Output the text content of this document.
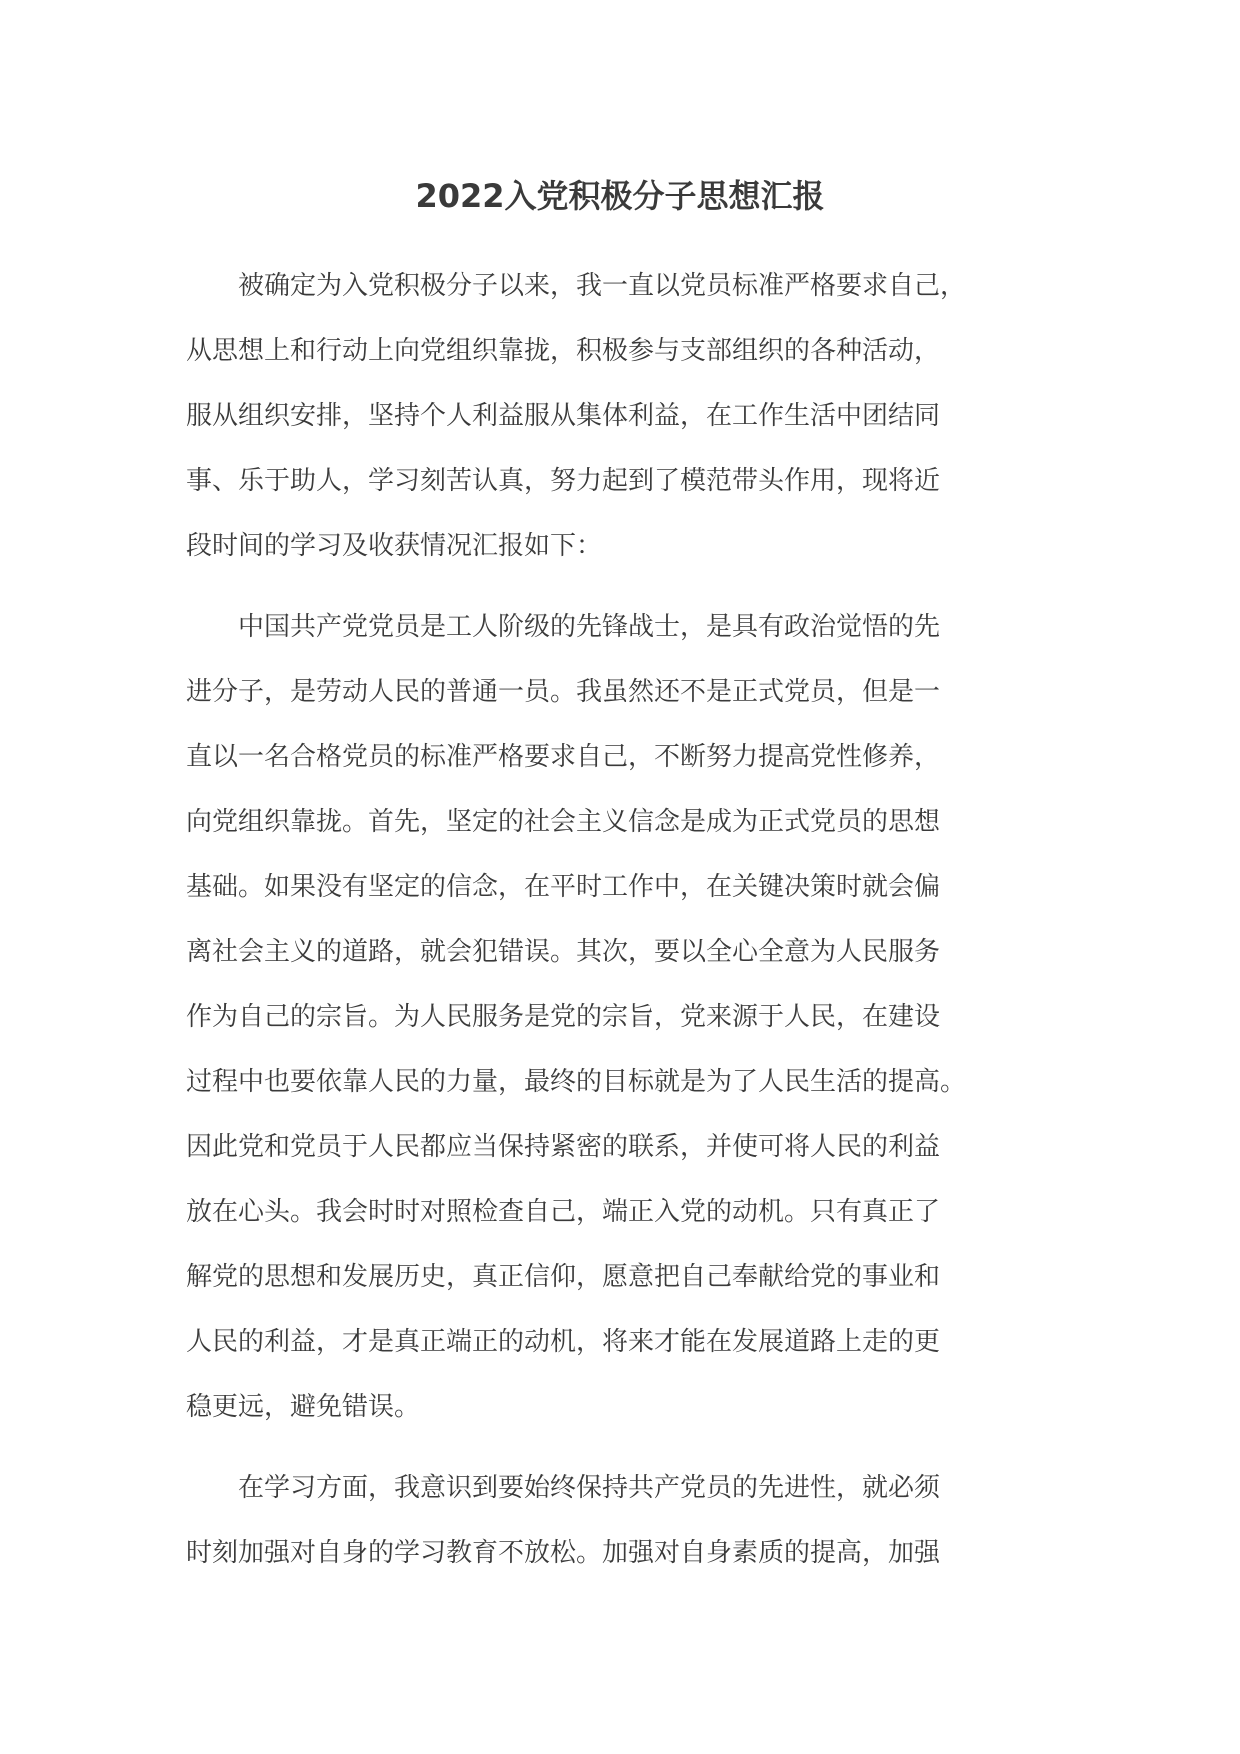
2022入党积极分子思想汇报
被确定为入党积极分子以来，我一直以党员标准严格要求自己，
从思想上和行动上向党组织靠拢，积极参与支部组织的各种活动，
服从组织安排，坚持个人利益服从集体利益，在工作生活中团结同
事、乐于助人，学习刻苦认真，努力起到了模范带头作用，现将近
段时间的学习及收获情况汇报如下：
中国共产党党员是工人阶级的先锋战士，是具有政治觉悟的先
进分子，是劳动人民的普通一员。我虽然还不是正式党员，但是一
直以一名合格党员的标准严格要求自己，不断努力提高党性修养，
向党组织靠拢。首先，坚定的社会主义信念是成为正式党员的思想
基础。如果没有坚定的信念，在平时工作中，在关键决策时就会偏
离社会主义的道路，就会犯错误。其次，要以全心全意为人民服务
作为自己的宗旨。为人民服务是党的宗旨，党来源于人民，在建设
过程中也要依靠人民的力量，最终的目标就是为了人民生活的提高。
因此党和党员于人民都应当保持紧密的联系，并使可将人民的利益
放在心头。我会时时对照检查自己，端正入党的动机。只有真正了
解党的思想和发展历史，真正信仰，愿意把自己奉献给党的事业和
人民的利益，才是真正端正的动机，将来才能在发展道路上走的更
稳更远，避免错误。
在学习方面，我意识到要始终保持共产党员的先进性，就必须
时刻加强对自身的学习教育不放松。加强对自身素质的提高，加强
